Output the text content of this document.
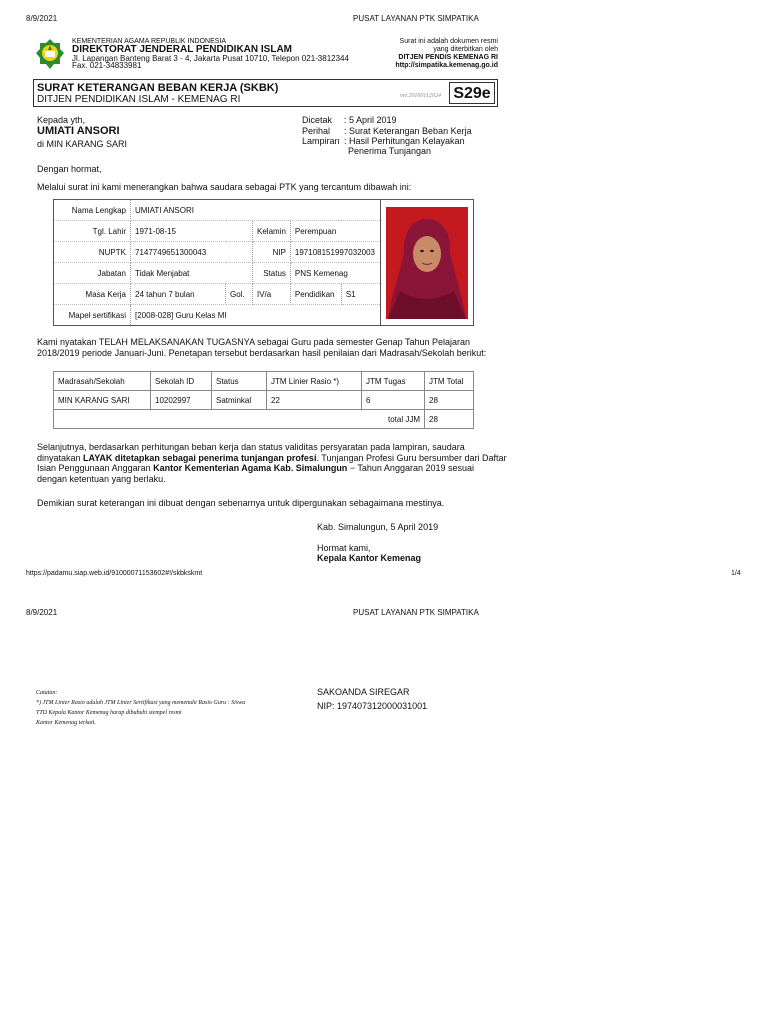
8/9/2021	PUSAT LAYANAN PTK SIMPATIKA
KEMENTERIAN AGAMA REPUBLIK INDONESIA
DIREKTORAT JENDERAL PENDIDIKAN ISLAM
Jl. Lapangan Banteng Barat 3 - 4, Jakarta Pusat 10710, Telepon 021-3812344
Fax. 021-34833981
Surat ini adalah dokumen resmi
yang diterbitkan oleh
DITJEN PENDIS KEMENAG RI
http://simpatika.kemenag.go.id
SURAT KETERANGAN BEBAN KERJA (SKBK)
DITJEN PENDIDIKAN ISLAM - KEMENAG RI	ver.20160112024 S29e
Kepada yth,
UMIATI ANSORI
di MIN KARANG SARI
Dicetak : 5 April 2019
Perihal : Surat Keterangan Beban Kerja
Lampiran : Hasil Perhitungan Kelayakan
Penerima Tunjangan
Dengan hormat,
Melalui surat ini kami menerangkan bahwa saudara sebagai PTK yang tercantum dibawah ini:
Nama Lengkap	UMIATI ANSORI	

Tgl. Lahir	1971-08-15		Kelamin	Perempuan		
NUPTK	7147749651300043		NIP	197108151997032003		
Jabatan	Tidak Menjabat		Status	PNS Kemenag		
Masa Kerja	24 tahun 7 bulan	Gol.	IV/a	Pendidikan	S1	
Mapel sertifikasi	[2008-028] Guru Kelas MI					
Kami nyatakan TELAH MELAKSANAKAN TUGASNYA sebagai Guru pada semester Genap Tahun Pelajaran
2018/2019 periode Januari-Juni. Penetapan tersebut berdasarkan hasil penilaian dari Madrasah/Sekolah berikut:
Madrasah/Sekolah	Sekolah ID	Status	JTM Linier Rasio *)	JTM Tugas	JTM Total
MIN KARANG SARI	10202997	Satminkal	22	6	28
total JJM					28
Selanjutnya, berdasarkan perhitungan beban kerja dan status validitas persyaratan pada lampiran, saudara
dinyatakan LAYAK ditetapkan sebagai penerima tunjangan profesi. Tunjangan Profesi Guru bersumber dari Daftar
Isian Penggunaan Anggaran Kantor Kementerian Agama Kab. Simalungun − Tahun Anggaran 2019 sesuai
dengan ketentuan yang berlaku.
Demikian surat keterangan ini dibuat dengan sebenarnya untuk dipergunakan sebagaimana mestinya.
Kab. Simalungun, 5 April 2019
Hormat kami,
Kepala Kantor Kemenag
https://padamu.siap.web.id/91000071153602#!/skbkskmt	1/4
8/9/2021	PUSAT LAYANAN PTK SIMPATIKA
Catatan:
*) JTM Linier Rasio adalah JTM Linier Sertifikasi yang memenuhi Rasio Guru : Siswa
TTD Kepala Kantor Kemenag harap dibubuhi stempel resmi
Kantor Kemenag terkait.
SAKOANDA SIREGAR
NIP: 197407312000031001
